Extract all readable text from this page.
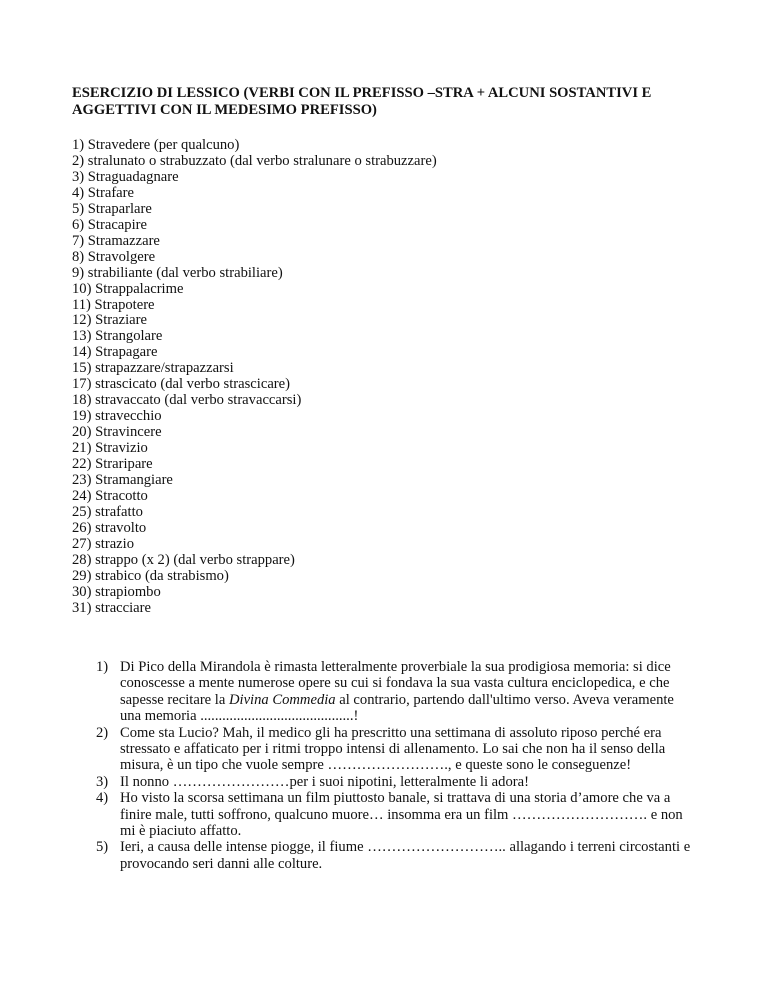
ESERCIZIO DI LESSICO (VERBI CON IL PREFISSO –STRA + ALCUNI SOSTANTIVI E AGGETTIVI CON IL MEDESIMO PREFISSO)
1) Stravedere (per qualcuno)
2) stralunato o strabuzzato (dal verbo stralunare o strabuzzare)
3) Straguadagnare
4) Strafare
5) Straparlare
6) Stracapire
7) Stramazzare
8) Stravolgere
9) strabiliante (dal verbo strabiliare)
10) Strappalacrime
11) Strapotere
12) Straziare
13) Strangolare
14) Strapagare
15) strapazzare/strapazzarsi
17) strascicato (dal verbo strascicare)
18) stravaccato (dal verbo stravaccarsi)
19) stravecchio
20) Stravincere
21) Stravizio
22) Straripare
23) Stramangiare
24) Stracotto
25) strafatto
26) stravolto
27) strazio
28) strappo (x 2) (dal verbo strappare)
29) strabico (da strabismo)
30) strapiombo
31) stracciare
1) Di Pico della Mirandola è rimasta letteralmente proverbiale la sua prodigiosa memoria: si dice conoscesse a mente numerose opere su cui si fondava la sua vasta cultura enciclopedica, e che sapesse recitare la Divina Commedia al contrario, partendo dall'ultimo verso. Aveva veramente una memoria ..........................................!
2) Come sta Lucio? Mah, il medico gli ha prescritto una settimana di assoluto riposo perché era stressato e affaticato per i ritmi troppo intensi di allenamento. Lo sai che non ha il senso della misura, è un tipo che vuole sempre ……………………., e queste sono le conseguenze!
3) Il nonno ……………………per i suoi nipotini, letteralmente li adora!
4) Ho visto la scorsa settimana un film piuttosto banale, si trattava di una storia d’amore che va a finire male, tutti soffrono, qualcuno muore… insomma era un film ………………………. e non mi è piaciuto affatto.
5) Ieri, a causa delle intense piogge, il fiume ……………………….. allagando i terreni circostanti e provocando seri danni alle colture.
